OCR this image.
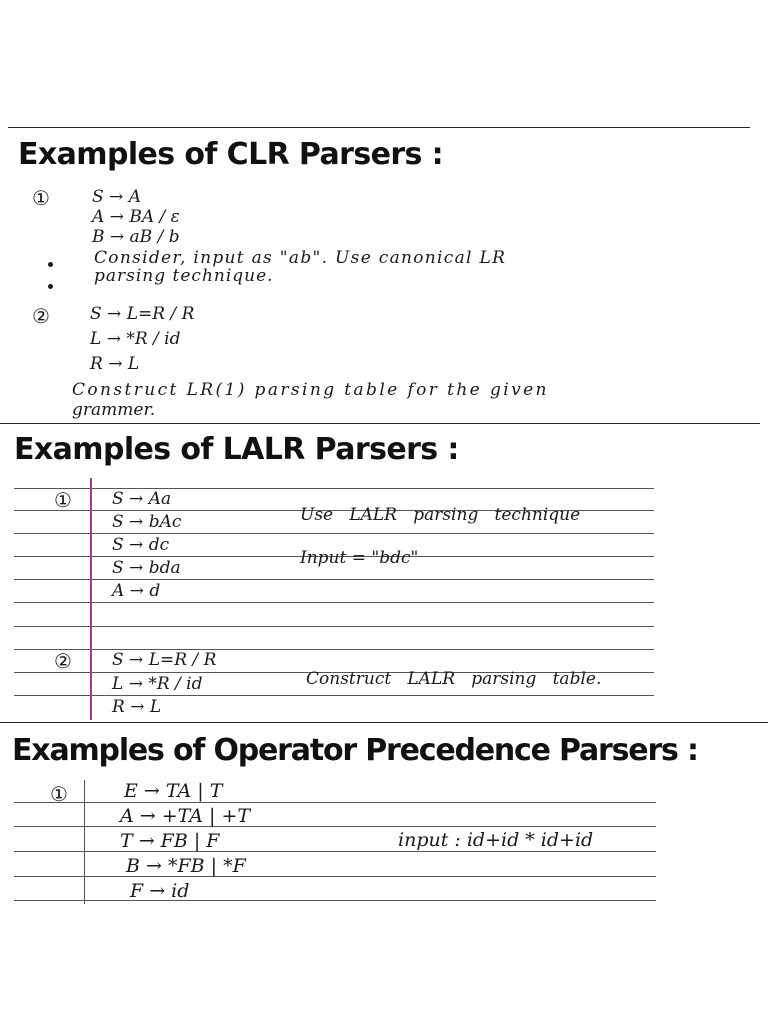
Examples of CLR Parsers :
① S → A
A → BA / ε
B → aB / b
Consider, input as "ab". Use canonical LR
parsing technique.
② S → L=R / R
L → *R / id
R → L
Construct LR(1) parsing table for the given
grammer.
Examples of LALR Parsers :
① S → Aa
S → bAc
S → dc
S → bda
A → d
Use   LALR   parsing   technique
Input = "bdc"
② S → L=R / R
L → *R / id
R → L
Construct   LALR   parsing   table.
Examples of Operator Precedence Parsers :
①	E → TA | T
A → +TA | +T
T → FB | F
B → *FB | *F
F → id
input : id+id * id+id
